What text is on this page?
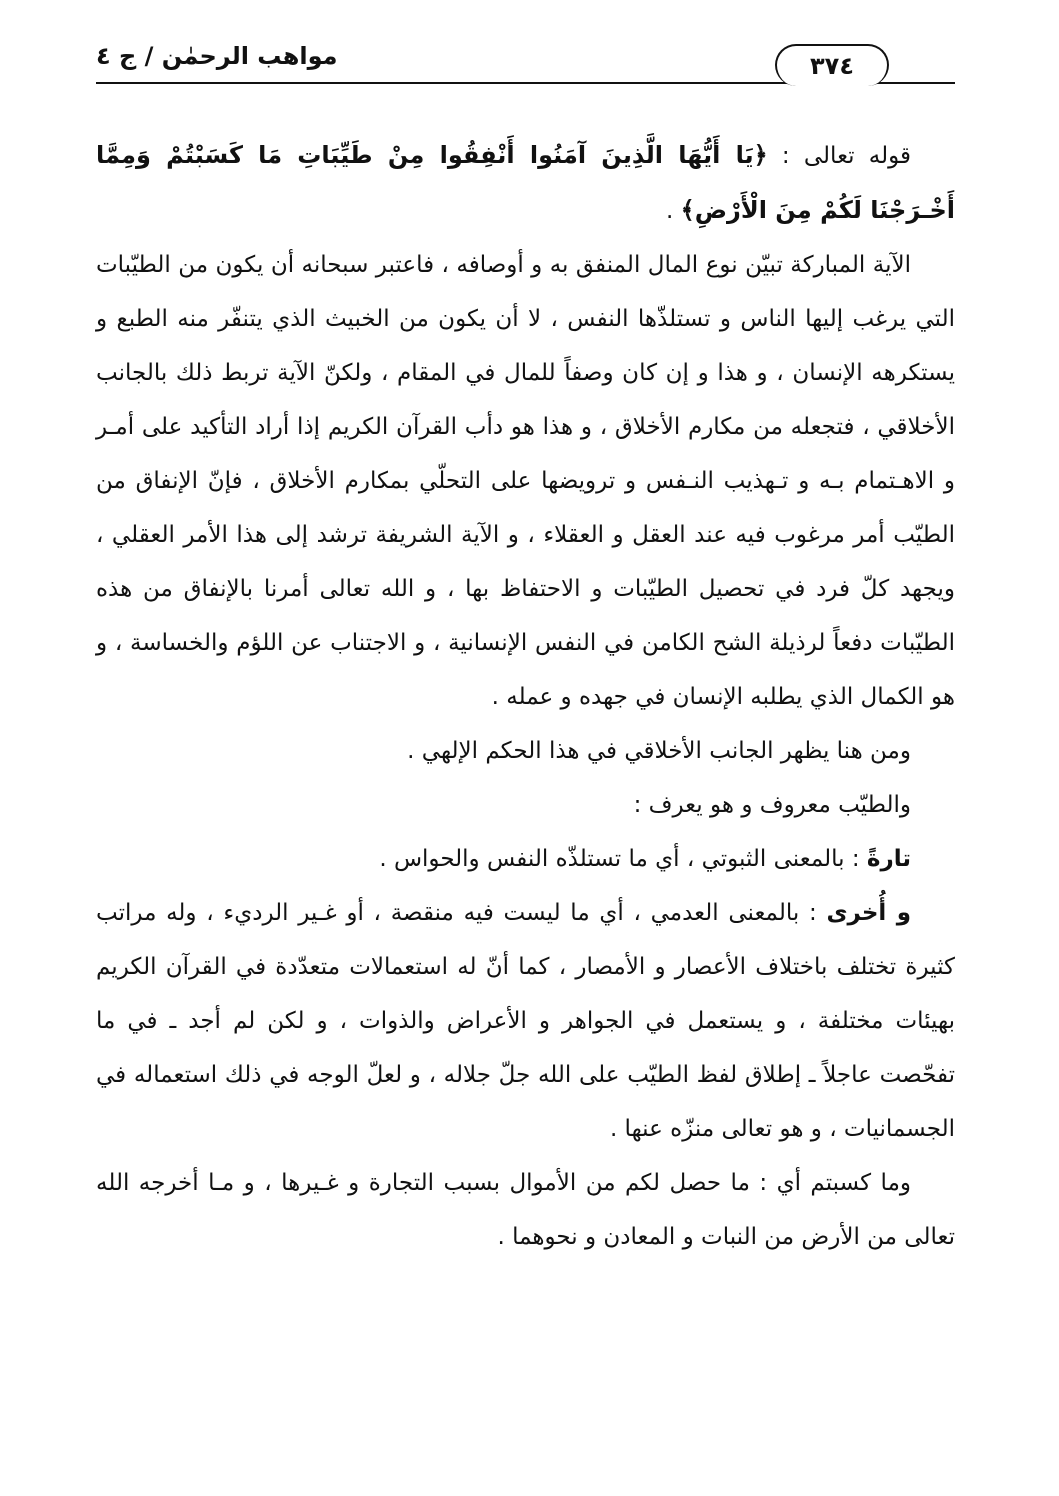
٣٧٤
مواهب الرحمٰن / ج ٤

قوله تعالى : ﴿يَا أَيُّهَا الَّذِينَ آمَنُوا أَنْفِقُوا مِنْ طَيِّبَاتِ مَا كَسَبْتُمْ وَمِمَّا أَخْـرَجْنَا لَكُمْ مِنَ الْأَرْضِ﴾ .

الآية المباركة تبيّن نوع المال المنفق به و أوصافه ، فاعتبر سبحانه أن يكون من الطيّبات التي يرغب إليها الناس و تستلذّها النفس ، لا أن يكون من الخبيث الذي يتنفّر منه الطبع و يستكرهه الإنسان ، و هذا و إن كان وصفاً للمال في المقام ، ولكنّ الآية تربط ذلك بالجانب الأخلاقي ، فتجعله من مكارم الأخلاق ، و هذا هو دأب القرآن الكريم إذا أراد التأكيد على أمـر و الاهـتمام بـه و تـهذيب النـفس و ترويضها على التحلّي بمكارم الأخلاق ، فإنّ الإنفاق من الطيّب أمر مرغوب فيه عند العقل و العقلاء ، و الآية الشريفة ترشد إلى هذا الأمر العقلي ، ويجهد كلّ فرد في تحصيل الطيّبات و الاحتفاظ بها ، و الله تعالى أمرنا بالإنفاق من هذه الطيّبات دفعاً لرذيلة الشح الكامن في النفس الإنسانية ، و الاجتناب عن اللؤم والخساسة ، و هو الكمال الذي يطلبه الإنسان في جهده و عمله .

ومن هنا يظهر الجانب الأخلاقي في هذا الحكم الإلهي .

والطيّب معروف و هو يعرف :

تارةً : بالمعنى الثبوتي ، أي ما تستلذّه النفس والحواس .

و أُخرى : بالمعنى العدمي ، أي ما ليست فيه منقصة ، أو غـير الرديء ، وله مراتب كثيرة تختلف باختلاف الأعصار و الأمصار ، كما أنّ له استعمالات متعدّدة في القرآن الكريم بهيئات مختلفة ، و يستعمل في الجواهر و الأعراض والذوات ، و لكن لم أجد ـ في ما تفحّصت عاجلاً ـ إطلاق لفظ الطيّب على الله جلّ جلاله ، و لعلّ الوجه في ذلك استعماله في الجسمانيات ، و هو تعالى منزّه عنها .

وما كسبتم أي : ما حصل لكم من الأموال بسبب التجارة و غـيرها ، و مـا أخرجه الله تعالى من الأرض من النبات و المعادن و نحوهما .
